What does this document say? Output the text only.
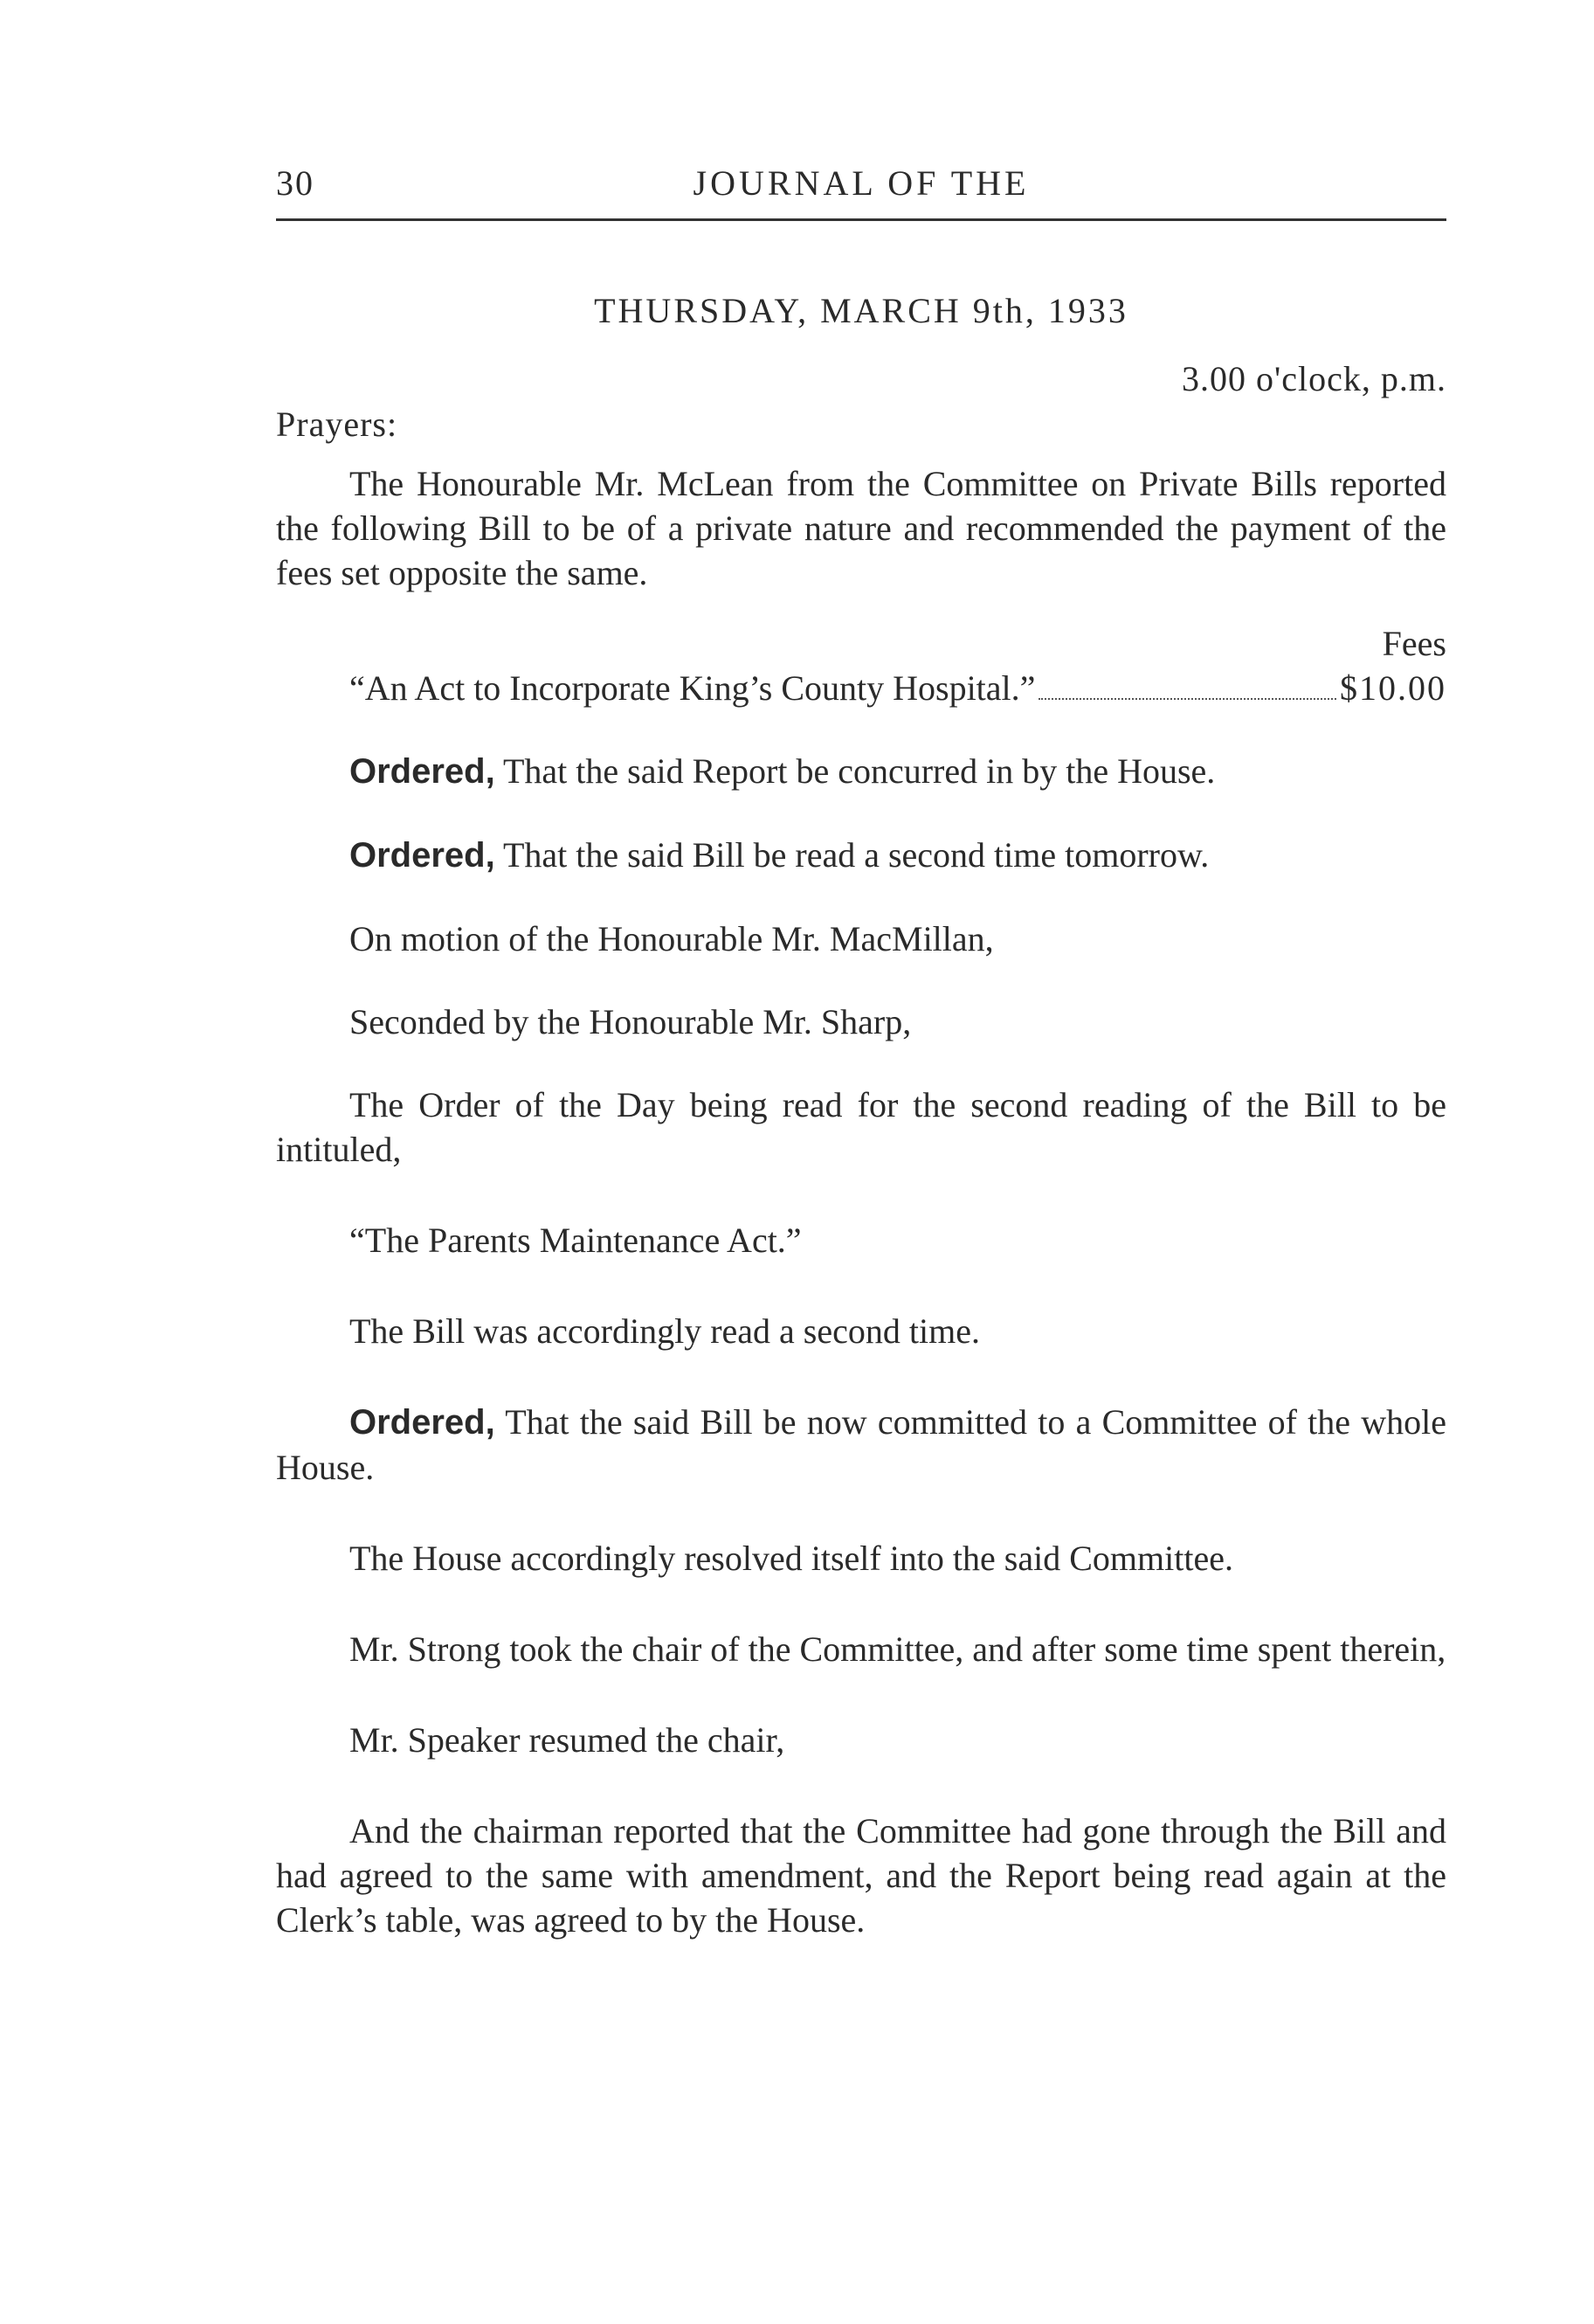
30	JOURNAL OF THE
THURSDAY, MARCH 9th, 1933
3.00 o'clock, p.m.
Prayers:

The Honourable Mr. McLean from the Committee on Private Bills reported the following Bill to be of a private nature and recommended the payment of the fees set opposite the same.

Fees

“An Act to Incorporate King’s County Hospital.”	$10.00

Ordered, That the said Report be concurred in by the House.

Ordered, That the said Bill be read a second time tomorrow.

On motion of the Honourable Mr. MacMillan,

Seconded by the Honourable Mr. Sharp,

The Order of the Day being read for the second reading of the Bill to be intituled,

“The Parents Maintenance Act.”

The Bill was accordingly read a second time.

Ordered, That the said Bill be now committed to a Committee of the whole House.

The House accordingly resolved itself into the said Committee.

Mr. Strong took the chair of the Committee, and after some time spent therein,

Mr. Speaker resumed the chair,

And the chairman reported that the Committee had gone through the Bill and had agreed to the same with amendment, and the Report being read again at the Clerk’s table, was agreed to by the House.
